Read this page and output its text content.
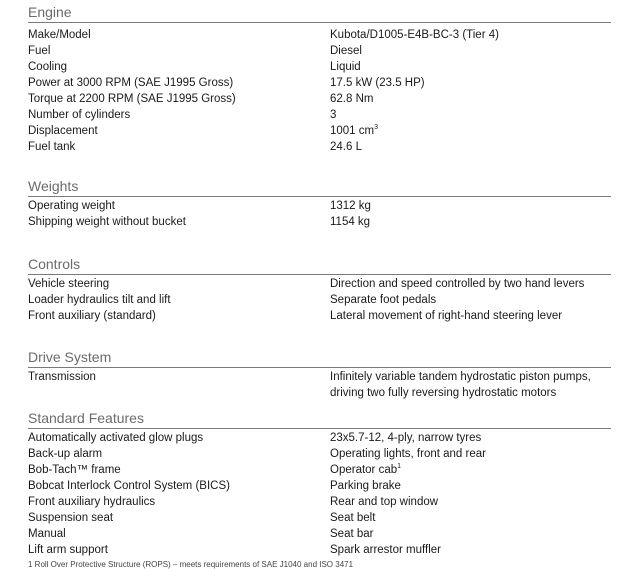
Engine
Make/Model	Kubota/D1005-E4B-BC-3 (Tier 4)
Fuel	Diesel
Cooling	Liquid
Power at 3000 RPM (SAE J1995 Gross)	17.5 kW (23.5 HP)
Torque at 2200 RPM (SAE J1995 Gross)	62.8 Nm
Number of cylinders	3
Displacement	1001 $cm^3$
Fuel tank	24.6 L
Weights
Operating weight	1312 kg
Shipping weight without bucket	1154 kg
Controls
Vehicle steering	Direction and speed controlled by two hand levers
Loader hydraulics tilt and lift	Separate foot pedals
Front auxiliary (standard)	Lateral movement of right-hand steering lever
Drive System
Transmission	Infinitely variable tandem hydrostatic piston pumps, driving two fully reversing hydrostatic motors
Standard Features
Automatically activated glow plugs	23x5.7-12, 4-ply, narrow tyres
Back-up alarm	Operating lights, front and rear
Bob-Tach™ frame	Operator cab$^1$
Bobcat Interlock Control System (BICS)	Parking brake
Front auxiliary hydraulics	Rear and top window
Suspension seat	Seat belt
Manual	Seat bar
Lift arm support	Spark arrestor muffler
1 Roll Over Protective Structure (ROPS) – meets requirements of SAE J1040 and ISO 3471
